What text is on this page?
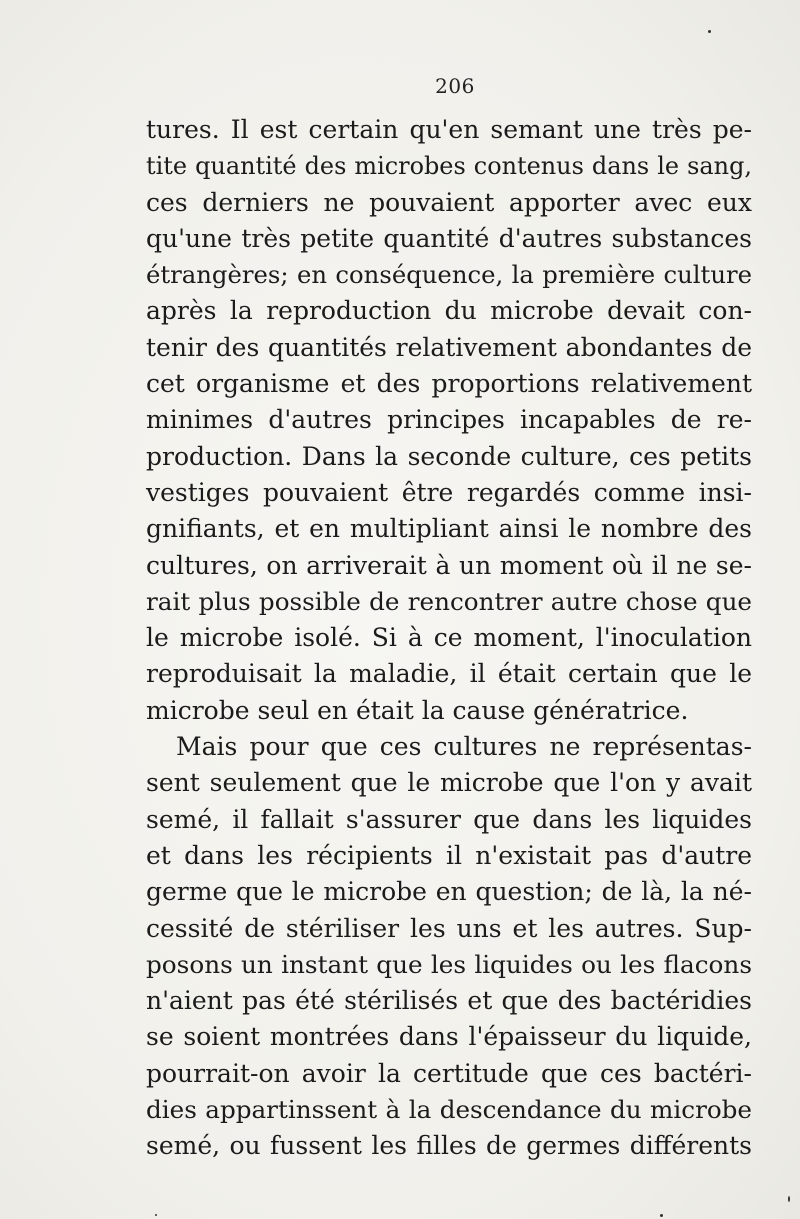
206
tures. Il est certain qu'en semant une très pe-
tite quantité des microbes contenus dans le sang,
ces derniers ne pouvaient apporter avec eux
qu'une très petite quantité d'autres substances
étrangères; en conséquence, la première culture
après la reproduction du microbe devait con-
tenir des quantités relativement abondantes de
cet organisme et des proportions relativement
minimes d'autres principes incapables de re-
production. Dans la seconde culture, ces petits
vestiges pouvaient être regardés comme insi-
gnifiants, et en multipliant ainsi le nombre des
cultures, on arriverait à un moment où il ne se-
rait plus possible de rencontrer autre chose que
le microbe isolé. Si à ce moment, l'inoculation
reproduisait la maladie, il était certain que le
microbe seul en était la cause génératrice.
Mais pour que ces cultures ne représentas-
sent seulement que le microbe que l'on y avait
semé, il fallait s'assurer que dans les liquides
et dans les récipients il n'existait pas d'autre
germe que le microbe en question; de là, la né-
cessité de stériliser les uns et les autres. Sup-
posons un instant que les liquides ou les flacons
n'aient pas été stérilisés et que des bactéridies
se soient montrées dans l'épaisseur du liquide,
pourrait-on avoir la certitude que ces bactéri-
dies appartinssent à la descendance du microbe
semé, ou fussent les filles de germes différents
